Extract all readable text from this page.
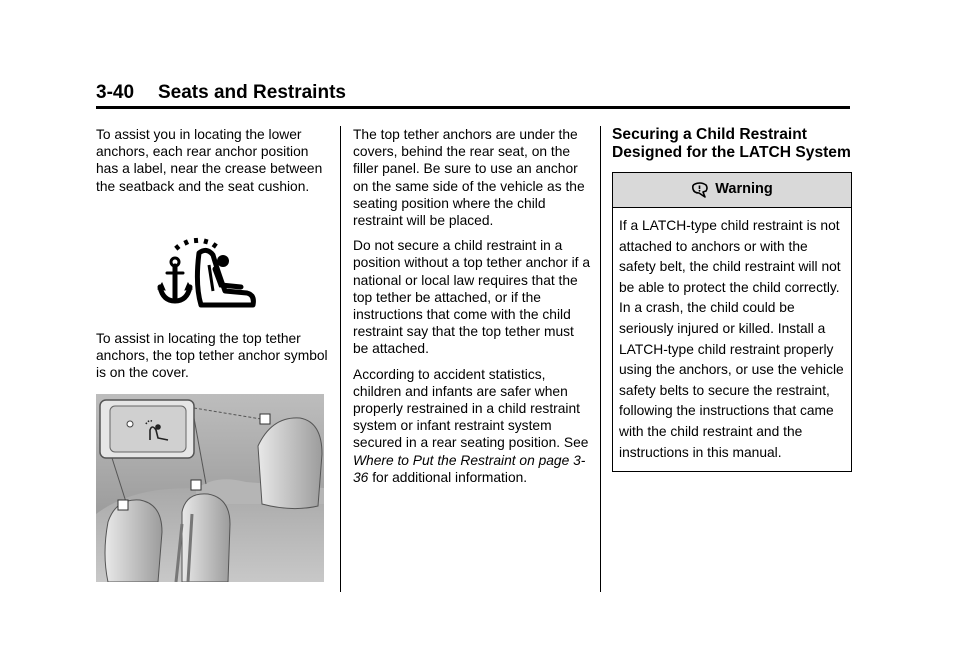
3-40 Seats and Restraints

To assist you in locating the lower anchors, each rear anchor position has a label, near the crease between the seatback and the seat cushion.

To assist in locating the top tether anchors, the top tether anchor symbol is on the cover.

The top tether anchors are under the covers, behind the rear seat, on the filler panel. Be sure to use an anchor on the same side of the vehicle as the seating position where the child restraint will be placed.

Do not secure a child restraint in a position without a top tether anchor if a national or local law requires that the top tether be attached, or if the instructions that come with the child restraint say that the top tether must be attached.

According to accident statistics, children and infants are safer when properly restrained in a child restraint system or infant restraint system secured in a rear seating position. See Where to Put the Restraint on page 3-36 for additional information.

Securing a Child Restraint Designed for the LATCH System
Warning
If a LATCH-type child restraint is not attached to anchors or with the safety belt, the child restraint will not be able to protect the child correctly. In a crash, the child could be seriously injured or killed. Install a LATCH-type child restraint properly using the anchors, or use the vehicle safety belts to secure the restraint, following the instructions that came with the child restraint and the instructions in this manual.
